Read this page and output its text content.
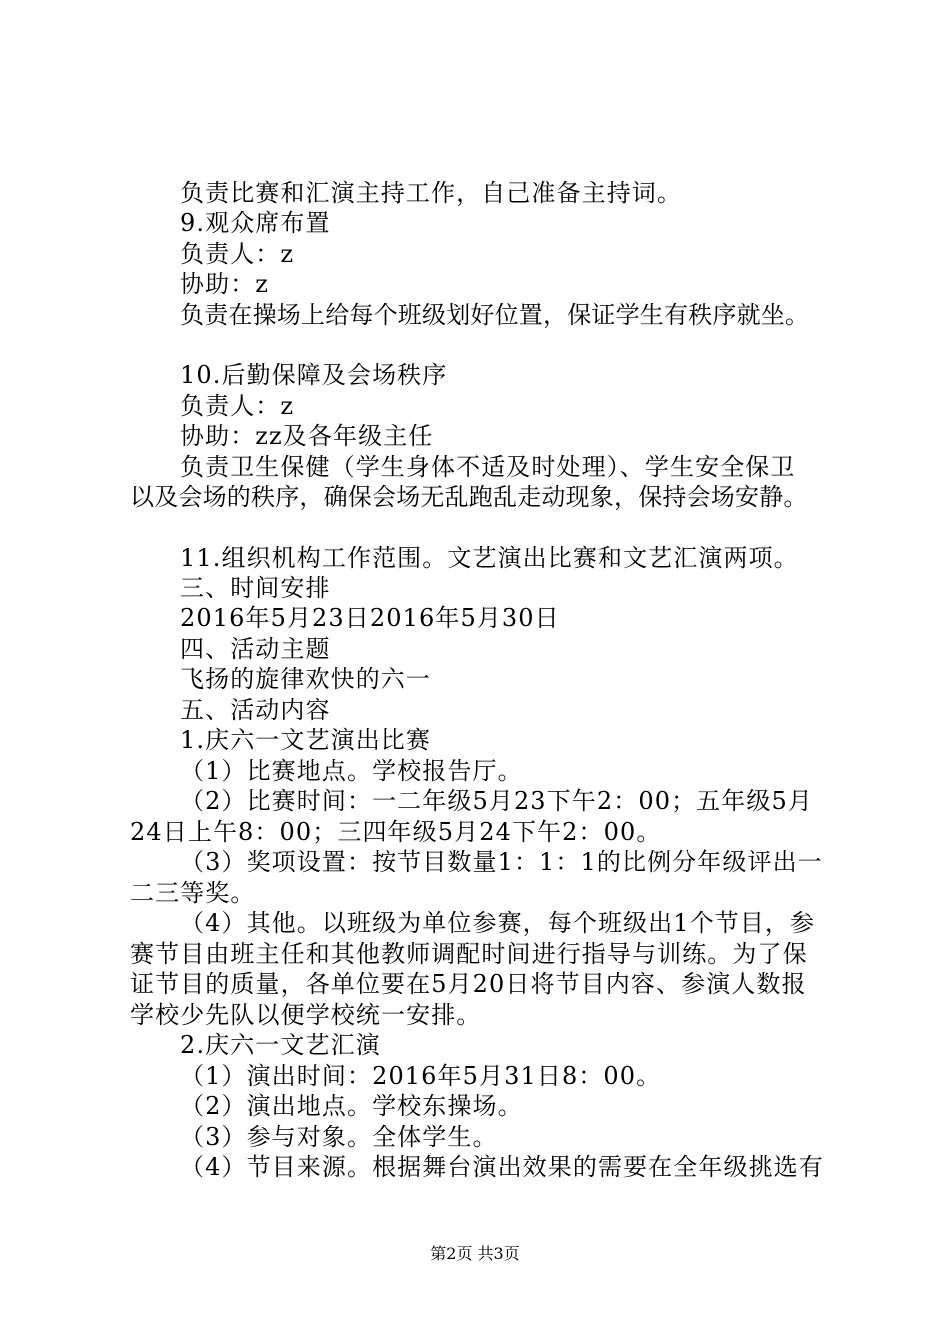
负责比赛和汇演主持工作，自己准备主持词。
9.观众席布置
负责人：z
协助：z
负责在操场上给每个班级划好位置，保证学生有秩序就坐。
10.后勤保障及会场秩序
负责人：z
协助：zz及各年级主任
负责卫生保健（学生身体不适及时处理）、学生安全保卫
以及会场的秩序，确保会场无乱跑乱走动现象，保持会场安静。
11.组织机构工作范围。文艺演出比赛和文艺汇演两项。
三、时间安排
2016年5月23日2016年5月30日
四、活动主题
飞扬的旋律欢快的六一
五、活动内容
1.庆六一文艺演出比赛
（1）比赛地点。学校报告厅。
（2）比赛时间：一二年级5月23下午2：00；五年级5月
24日上午8：00；三四年级5月24下午2：00。
（3）奖项设置：按节目数量1：1：1的比例分年级评出一
二三等奖。
（4）其他。以班级为单位参赛，每个班级出1个节目，参
赛节目由班主任和其他教师调配时间进行指导与训练。为了保
证节目的质量，各单位要在5月20日将节目内容、参演人数报
学校少先队以便学校统一安排。
2.庆六一文艺汇演
（1）演出时间：2016年5月31日8：00。
（2）演出地点。学校东操场。
（3）参与对象。全体学生。
（4）节目来源。根据舞台演出效果的需要在全年级挑选有
第2页 共3页
